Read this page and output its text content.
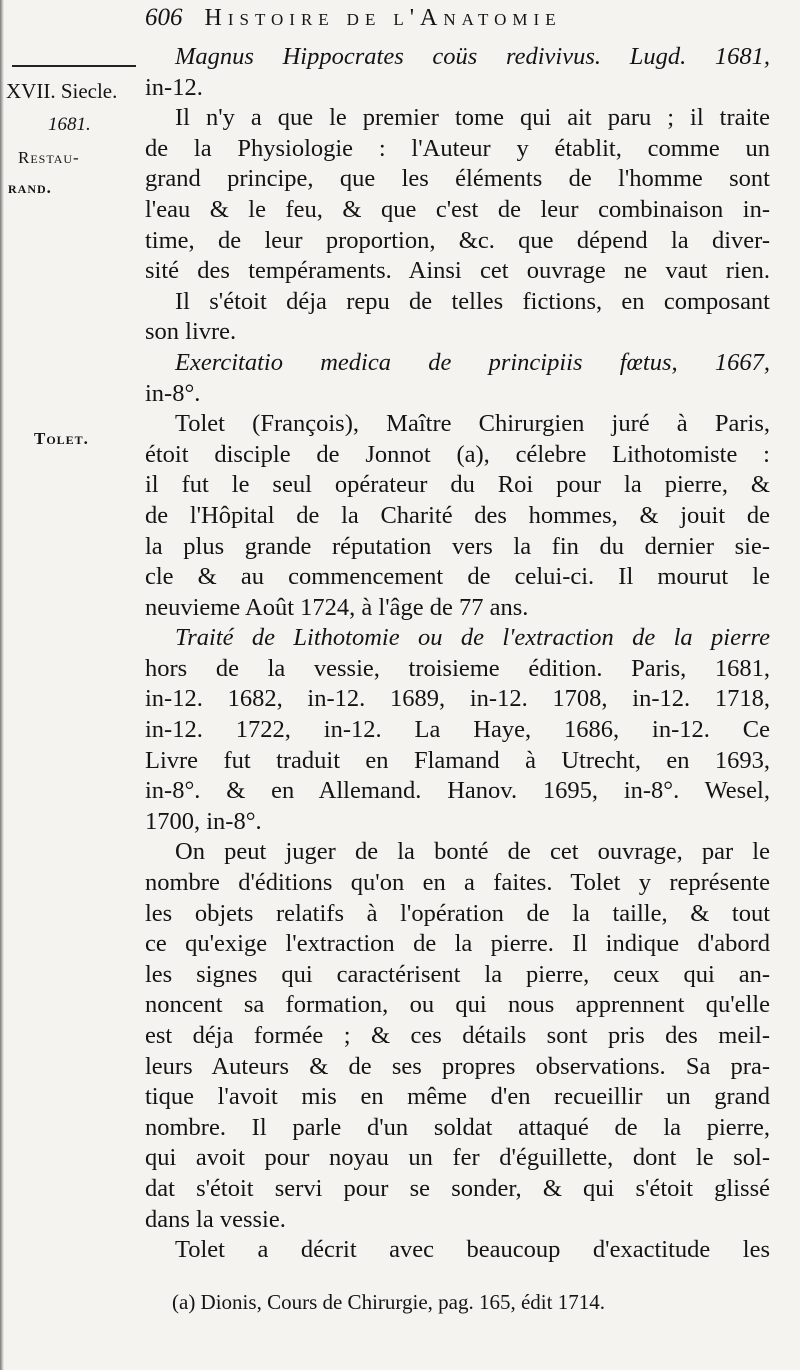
606 Histoire de l'Anatomie
XVII. Siecle.
1681.
Restau-
rand.
Tolet.
Magnus Hippocrates coüs redivivus. Lugd. 1681,
in-12.
Il n'y a que le premier tome qui ait paru ; il traite
de la Physiologie : l'Auteur y établit, comme un
grand principe, que les éléments de l'homme sont
l'eau & le feu, & que c'est de leur combinaison in-
time, de leur proportion, &c. que dépend la diver-
sité des tempéraments. Ainsi cet ouvrage ne vaut rien.
Il s'étoit déja repu de telles fictions, en composant
son livre.
Exercitatio medica de principiis fœtus, 1667,
in-8°.
Tolet (François), Maître Chirurgien juré à Paris,
étoit disciple de Jonnot (a), célebre Lithotomiste :
il fut le seul opérateur du Roi pour la pierre, &
de l'Hôpital de la Charité des hommes, & jouit de
la plus grande réputation vers la fin du dernier sie-
cle & au commencement de celui-ci. Il mourut le
neuvieme Août 1724, à l'âge de 77 ans.
Traité de Lithotomie ou de l'extraction de la pierre
hors de la vessie, troisieme édition. Paris, 1681,
in-12. 1682, in-12. 1689, in-12. 1708, in-12. 1718,
in-12. 1722, in-12. La Haye, 1686, in-12. Ce
Livre fut traduit en Flamand à Utrecht, en 1693,
in-8°. & en Allemand. Hanov. 1695, in-8°. Wesel,
1700, in-8°.
On peut juger de la bonté de cet ouvrage, par le
nombre d'éditions qu'on en a faites. Tolet y représente
les objets relatifs à l'opération de la taille, & tout
ce qu'exige l'extraction de la pierre. Il indique d'abord
les signes qui caractérisent la pierre, ceux qui an-
noncent sa formation, ou qui nous apprennent qu'elle
est déja formée ; & ces détails sont pris des meil-
leurs Auteurs & de ses propres observations. Sa pra-
tique l'avoit mis en même d'en recueillir un grand
nombre. Il parle d'un soldat attaqué de la pierre,
qui avoit pour noyau un fer d'éguillette, dont le sol-
dat s'étoit servi pour se sonder, & qui s'étoit glissé
dans la vessie.
Tolet a décrit avec beaucoup d'exactitude les
(a) Dionis, Cours de Chirurgie, pag. 165, édit 1714.
